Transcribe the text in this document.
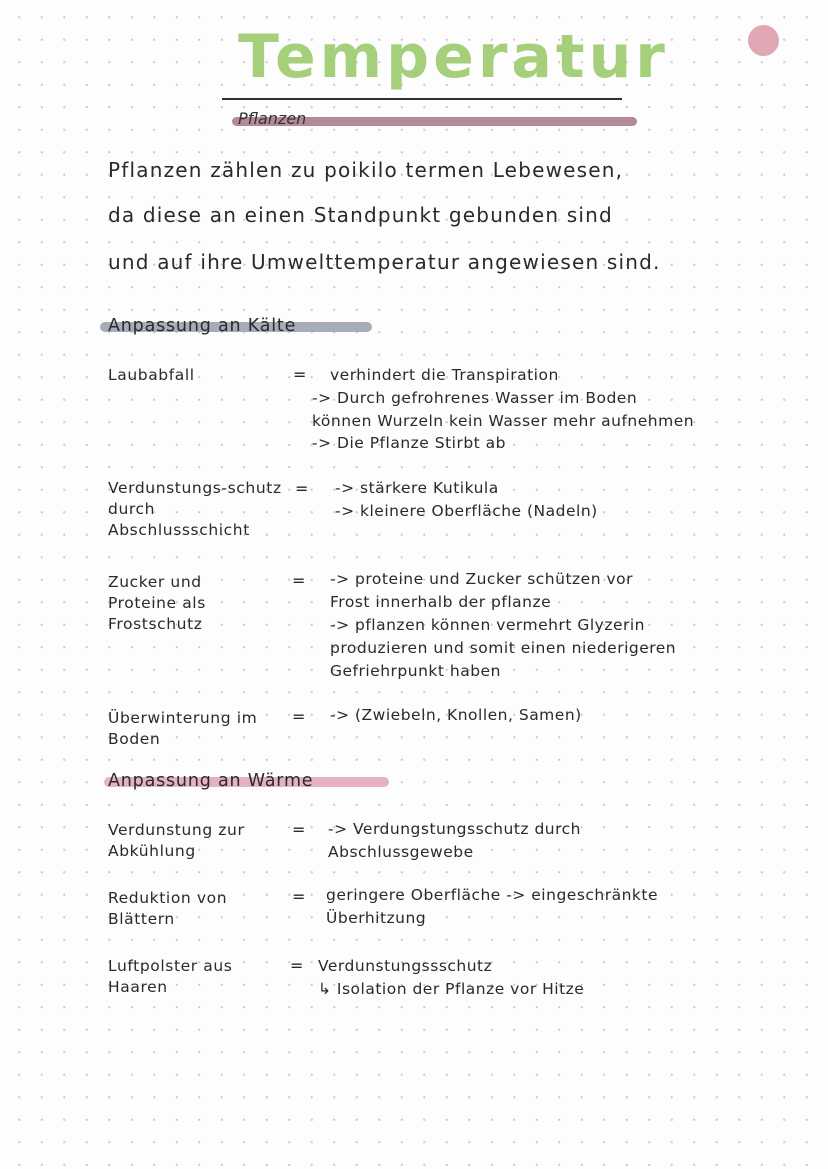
Temperatur
Pflanzen
Pflanzen zählen zu poikilo termen Lebewesen,
da diese an einen Standpunkt gebunden sind
und auf ihre Umwelttemperatur angewiesen sind.
Anpassung an Kälte
Laubabfall	= verhindert die Transpiration
-> Durch gefrohrenes Wasser im Boden
können Wurzeln kein Wasser mehr aufnehmen
-> Die Pflanze Stirbt ab
Verdunstungs-schutz durch Abschlussschicht
= -> stärkere Kutikula
-> kleinere Oberfläche (Nadeln)
Zucker und Proteine als Frostschutz
= -> proteine und Zucker schützen vor
Frost innerhalb der pflanze
-> pflanzen können vermehrt Glyzerin
produzieren und somit einen niederigeren
Gefriehrpunkt haben
Überwinterung im Boden
= -> (Zwiebeln, Knollen, Samen)
Anpassung an Wärme
Verdunstung zur Abkühlung
= -> Verdungstungsschutz durch
Abschlussgewebe
Reduktion von Blättern
= geringere Oberfläche -> eingeschränkte
Überhitzung
Luftpolster aus Haaren
= Verdunstungssschutz
↳ Isolation der Pflanze vor Hitze
